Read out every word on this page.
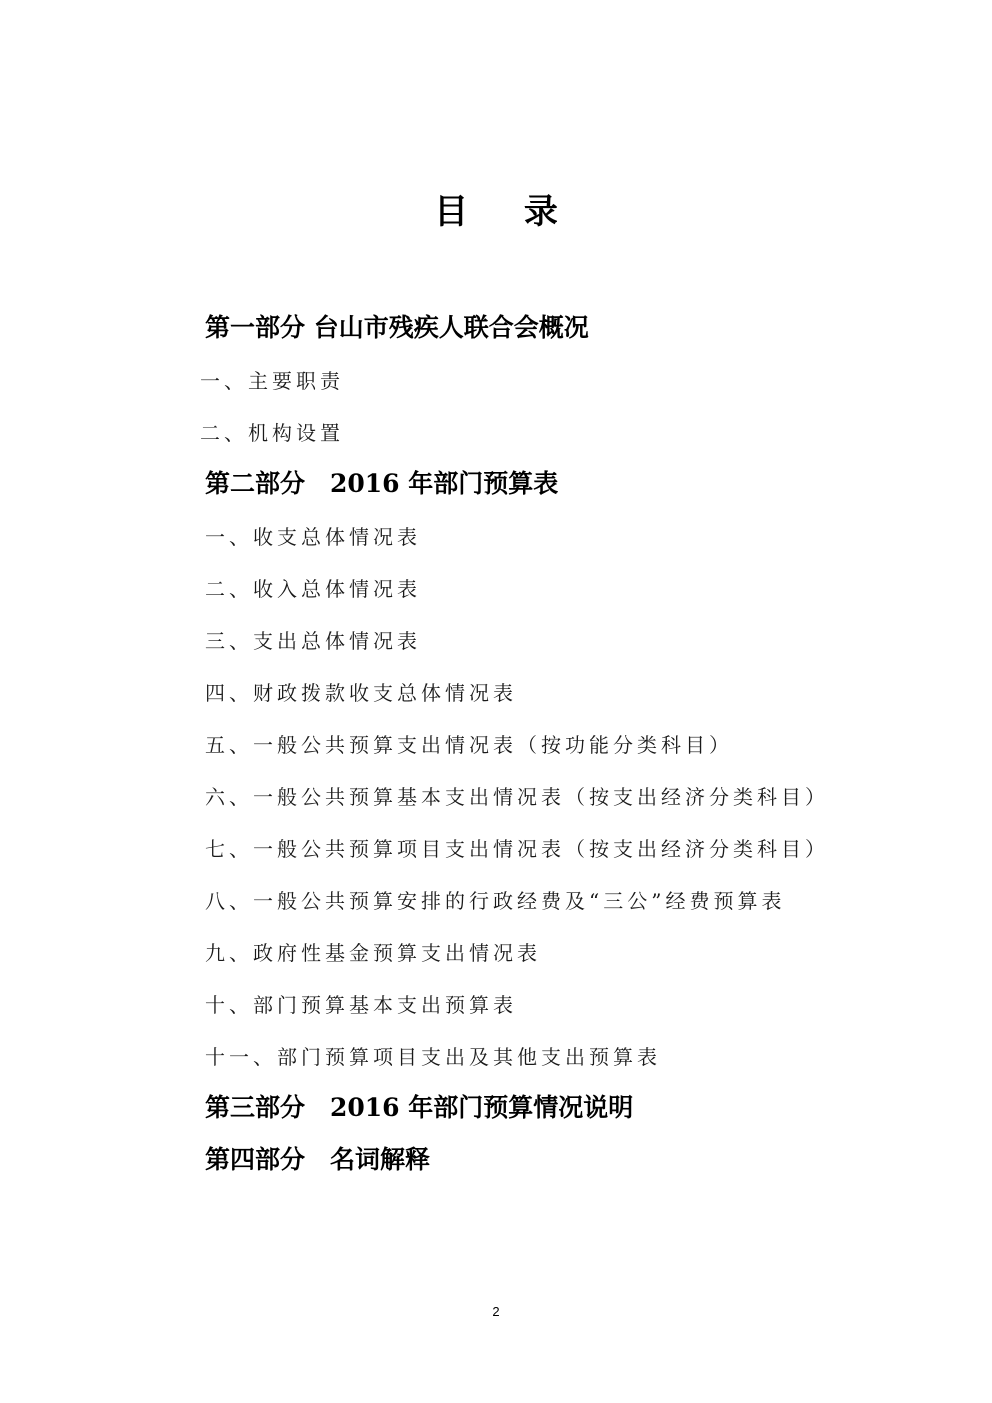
目 录
第一部分 台山市残疾人联合会概况
一、主要职责
二、机构设置
第二部分　2016 年部门预算表
一、收支总体情况表
二、收入总体情况表
三、支出总体情况表
四、财政拨款收支总体情况表
五、一般公共预算支出情况表（按功能分类科目）
六、一般公共预算基本支出情况表（按支出经济分类科目）
七、一般公共预算项目支出情况表（按支出经济分类科目）
八、一般公共预算安排的行政经费及“三公”经费预算表
九、政府性基金预算支出情况表
十、部门预算基本支出预算表
十一、部门预算项目支出及其他支出预算表
第三部分　2016 年部门预算情况说明
第四部分　名词解释
2
